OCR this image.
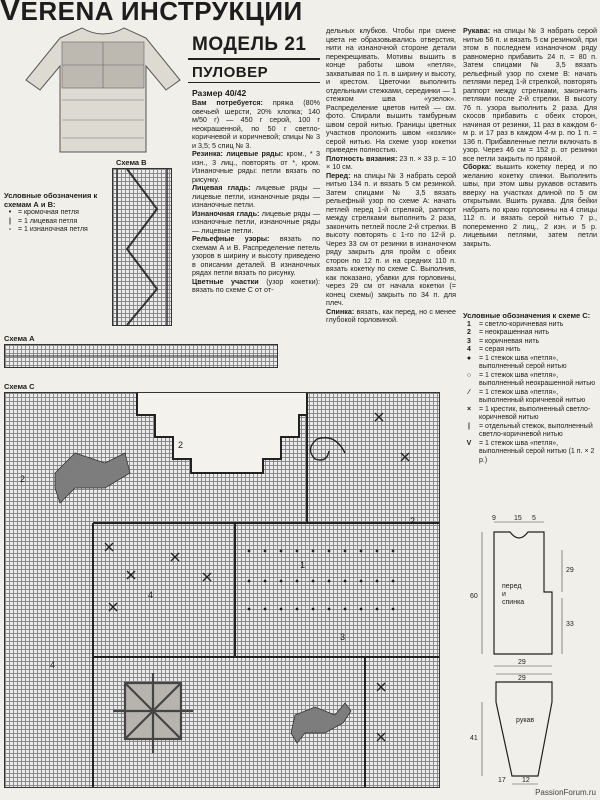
VERENA ИНСТРУКЦИИ
МОДЕЛЬ 21
ПУЛОВЕР
Размер 40/42
Вам потребуется: пряжа (80% овечьей шерсти, 20% хлопка; 140 м/50 г) — 450 г серой, 100 г неокрашенной, по 50 г светло-коричневой и коричневой; спицы № 3 и 3,5; 5 спиц № 3.
Резинка: лицевые ряды: кром., * 3 изн., 3 лиц., повторять от *, кром. Изнаночные ряды: петли вязать по рисунку.
Лицевая гладь: лицевые ряды — лицевые петли, изнаночные ряды — изнаночные петли.
Изнаночная гладь: лицевые ряды — изнаночные петли, изнаночные ряды — лицевые петли.
Рельефные узоры: вязать по схемам А и В. Распределение петель узоров в ширину и высоту приведено в описании деталей. В изнаночных рядах петли вязать по рисунку.
Цветные участки (узор кокетки): вязать по схеме С от от-
дельных клубков. Чтобы при смене цвета не образовывались отверстия, нити на изнаночной стороне детали перекрещивать. Мотивы вышить в конце работы швом «петля», захватывая по 1 п. в ширину и высоту, и крестом. Цветочки выполнить отдельными стежками, серединки — 1 стежком шва «узелок». Распределение цветов нитей — см. фото. Спирали вышить тамбурным швом серой нитью. Границы цветных участков проложить швом «козлик» серой нитью. На схеме узор кокетки приведен полностью.
Плотность вязания: 23 п. × 33 р. = 10 × 10 см.
Перед: на спицы № 3 набрать серой нитью 134 п. и вязать 5 см резинкой. Затем спицами № 3,5 вязать рельефный узор по схеме А: начать петлей перед 1-й стрелкой, раппорт между стрелками выполнить 2 раза, закончить петлей после 2-й стрелки. В высоту повторять с 1-го по 12-й р. Через 33 см от резинки в изнаночном ряду закрыть для пройм с обеих сторон по 12 п. и на средних 110 п. вязать кокетку по схеме С. Выполнив, как показано, убавки для горловины, через 29 см от начала кокетки (= конец схемы) закрыть по 34 п. для плеч.
Спинка: вязать, как перед, но с менее глубокой горловиной.
Рукава: на спицы № 3 набрать серой нитью 56 п. и вязать 5 см резинкой, при этом в последнем изнаночном ряду равномерно прибавить 24 п. = 80 п. Затем спицами № 3,5 вязать рельефный узор по схеме В: начать петлями перед 1-й стрелкой, повторять раппорт между стрелками, закончить петлями после 2-й стрелки. В высоту 76 п. узора выполнить 2 раза. Для скосов прибавить с обеих сторон, начиная от резинки, 11 раз в каждом 6-м р. и 17 раз в каждом 4-м р. по 1 п. = 136 п. Прибавленные петли включать в узор. Через 46 см = 152 р. от резинки все петли закрыть по прямой.
Сборка: вышить кокетку перед и по желанию кокетку спинки. Выполнить швы, при этом швы рукавов оставить вверху на участках длиной по 5 см открытыми. Вшить рукава. Для бейки набрать по краю горловины на 4 спицы 112 п. и вязать серой нитью 7 р., попеременно 2 лиц., 2 изн. и 5 р. лицевыми петлями, затем петли закрыть.
Условные обозначения к схемам А и В:
• = кромочная петля
| = 1 лицевая петля
- = 1 изнаночная петля
Схема В
Схема А
Схема С
2
2
2
1
4
4
3
Условные обозначения к схеме С:
1	= светло-коричневая нить
2	= неокрашенная нить
3	= коричневая нить
4	= серая нить
●	= 1 стежок шва «петля», выполненный серой нитью
○	= 1 стежок шва «петля», выполненный неокрашенной нитью
⁄	= 1 стежок шва «петля», выполненный коричневой нитью
×	= 1 крестик, выполненный светло-коричневой нитью
|	= отдельный стежок, выполненный светло-коричневой нитью
V	= 1 стежок шва «петля», выполненный серой нитью (1 п. × 2 р.)
9	15 5
29
60
33
29
29
41
17 12
перед
и
спинка
рукав
PassionForum.ru
